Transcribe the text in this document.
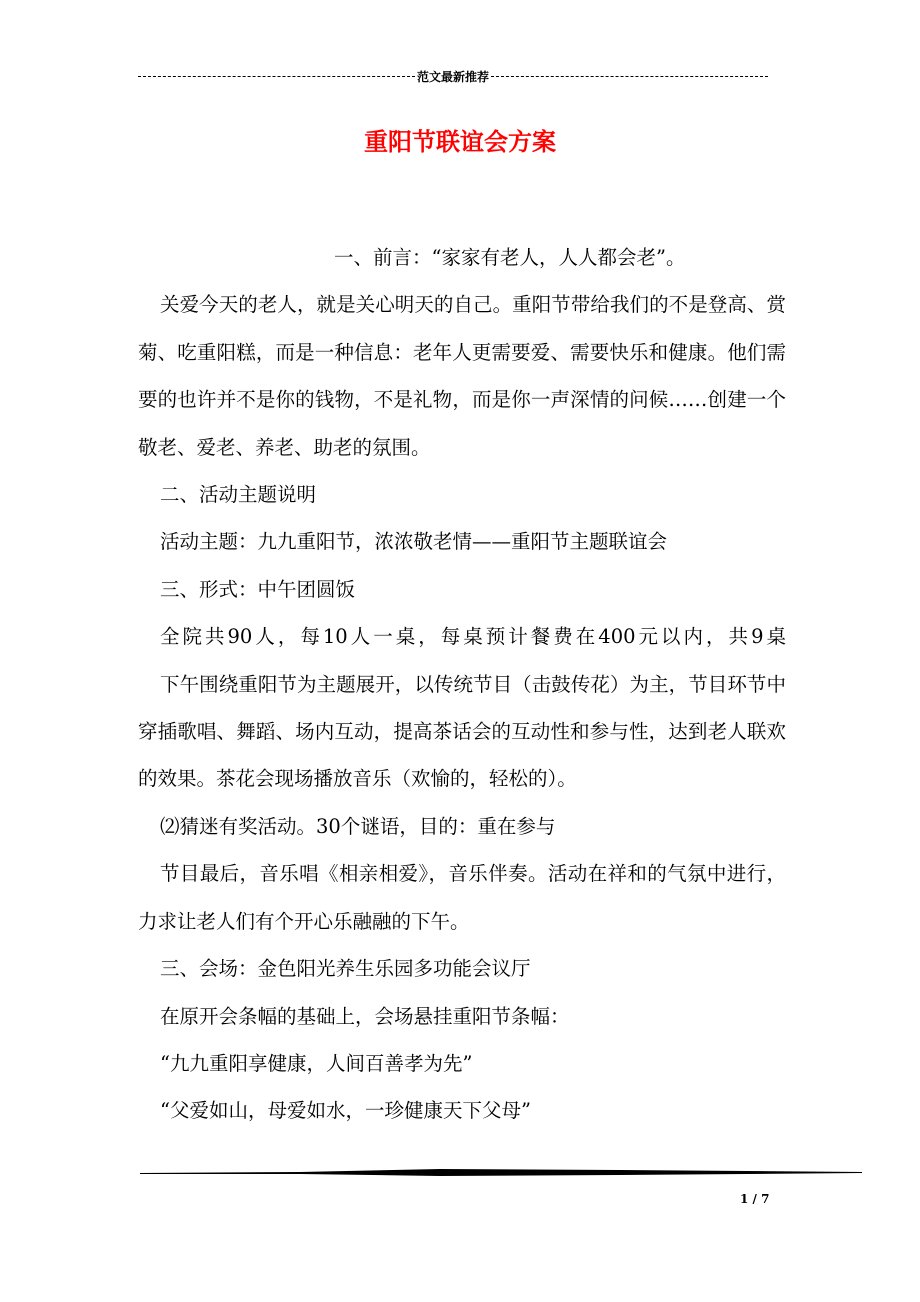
范文最新推荐
重阳节联谊会方案

一、前言：“家家有老人，人人都会老”。

关爱今天的老人，就是关心明天的自己。重阳节带给我们的不是登高、赏菊、吃重阳糕，而是一种信息：老年人更需要爱、需要快乐和健康。他们需要的也许并不是你的钱物，不是礼物，而是你一声深情的问候……创建一个敬老、爱老、养老、助老的氛围。

二、活动主题说明

活动主题：九九重阳节，浓浓敬老情——重阳节主题联谊会

三、形式：中午团圆饭

全院共90人，每10人一桌，每桌预计餐费在400元以内，共9桌

下午围绕重阳节为主题展开，以传统节目（击鼓传花）为主，节目环节中穿插歌唱、舞蹈、场内互动，提高茶话会的互动性和参与性，达到老人联欢的效果。茶花会现场播放音乐（欢愉的，轻松的）。

⑵猜迷有奖活动。30个谜语，目的：重在参与

节目最后，音乐唱《相亲相爱》，音乐伴奏。活动在祥和的气氛中进行，力求让老人们有个开心乐融融的下午。

三、会场：金色阳光养生乐园多功能会议厅

在原开会条幅的基础上，会场悬挂重阳节条幅：

“九九重阳享健康，人间百善孝为先”

“父爱如山，母爱如水，一珍健康天下父母”

1 / 7
